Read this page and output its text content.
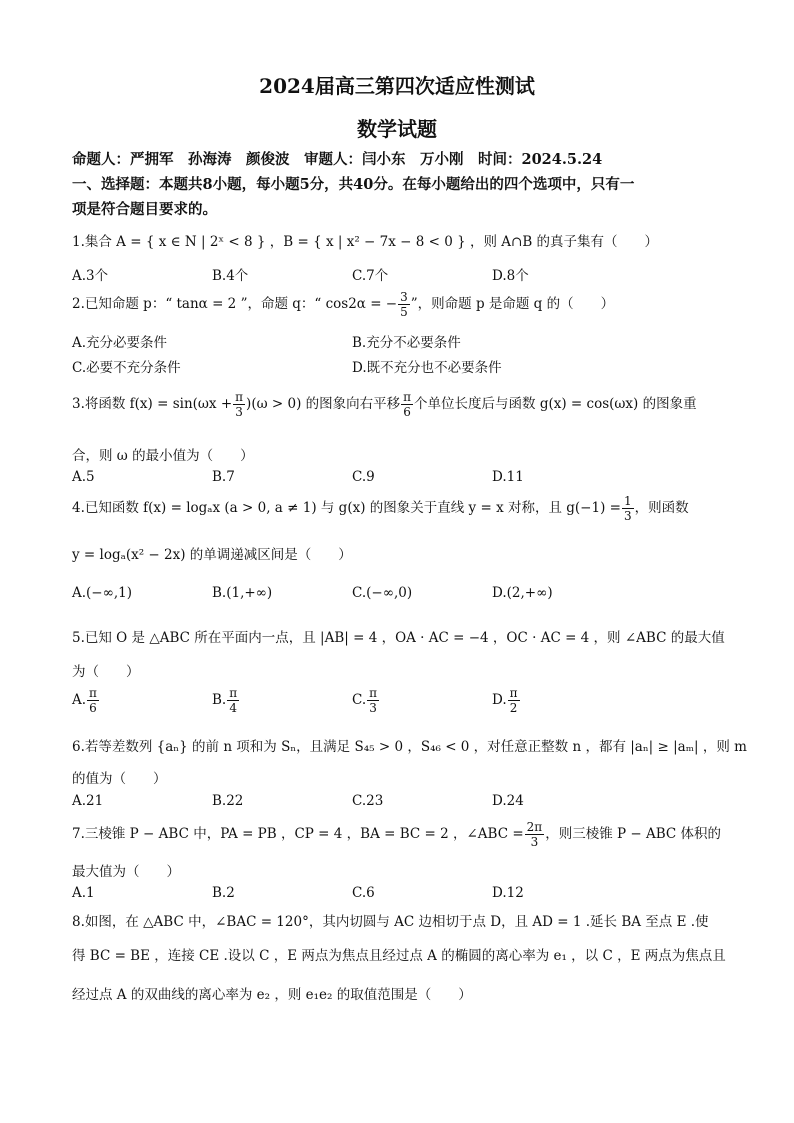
2024届高三第四次适应性测试
数学试题
命题人：严拥军　孙海涛　颜俊波　审题人：闫小东　万小刚　时间：2024.5.24
一、选择题：本题共8小题，每小题5分，共40分。在每小题给出的四个选项中，只有一
项是符合题目要求的。
1.集合 A = { x ∈ N | 2ˣ < 8 } ，B = { x | x² − 7x − 8 < 0 } ，则 A∩B 的真子集有（　　）
A.3个	B.4个	C.7个	D.8个
2.已知命题 p：“ tanα = 2 ”，命题 q：“ cos2α = − $\frac{3}{5}$ ”，则命题 p 是命题 q 的（　　）
A.充分必要条件	B.充分不必要条件
C.必要不充分条件	D.既不充分也不必要条件
3.将函数 $f(x) = \sin(\omega x + \frac{\pi}{3} )(\omega > 0)$ 的图象向右平移 $\frac{\pi}{6}$ 个单位长度后与函数 g(x) = cos(ωx) 的图象重
合，则 ω 的最小值为（　　）
A.5	B.7	C.9	D.11
4.已知函数 f(x) = logₐx (a > 0, a ≠ 1) 与 g(x) 的图象关于直线 y = x 对称，且 $g(-1) = \frac{1}{3}$ ，则函数
y = logₐ(x² − 2x) 的单调递减区间是（　　）
A.(−∞,1)	B.(1,+∞)	C.(−∞,0)	D.(2,+∞)
5.已知 O 是 △ABC 所在平面内一点，且 |AB| = 4 ，OA · AC = −4 ，OC · AC = 4 ，则 ∠ABC 的最大值
为（　　）
A. $\frac{\pi}{6}$	B. $\frac{\pi}{4}$	C. $\frac{\pi}{3}$	D. $\frac{\pi}{2}$
6.若等差数列 {aₙ} 的前 n 项和为 Sₙ，且满足 S₄₅ > 0 ，S₄₆ < 0 ，对任意正整数 n ，都有 |aₙ| ≥ |aₘ| ，则 m
的值为（　　）
A.21	B.22	C.23	D.24
7.三棱锥 P − ABC 中，PA = PB ，CP = 4 ，BA = BC = 2 ，∠ABC = $\frac{2\pi}{3}$ ，则三棱锥 P − ABC 体积的
最大值为（　　）
A.1	B.2	C.6	D.12
8.如图，在 △ABC 中，∠BAC = 120°，其内切圆与 AC 边相切于点 D，且 AD = 1 .延长 BA 至点 E .使
得 BC = BE ，连接 CE .设以 C ，E 两点为焦点且经过点 A 的椭圆的离心率为 e₁ ，以 C ，E 两点为焦点且
经过点 A 的双曲线的离心率为 e₂ ，则 e₁e₂ 的取值范围是（　　）
